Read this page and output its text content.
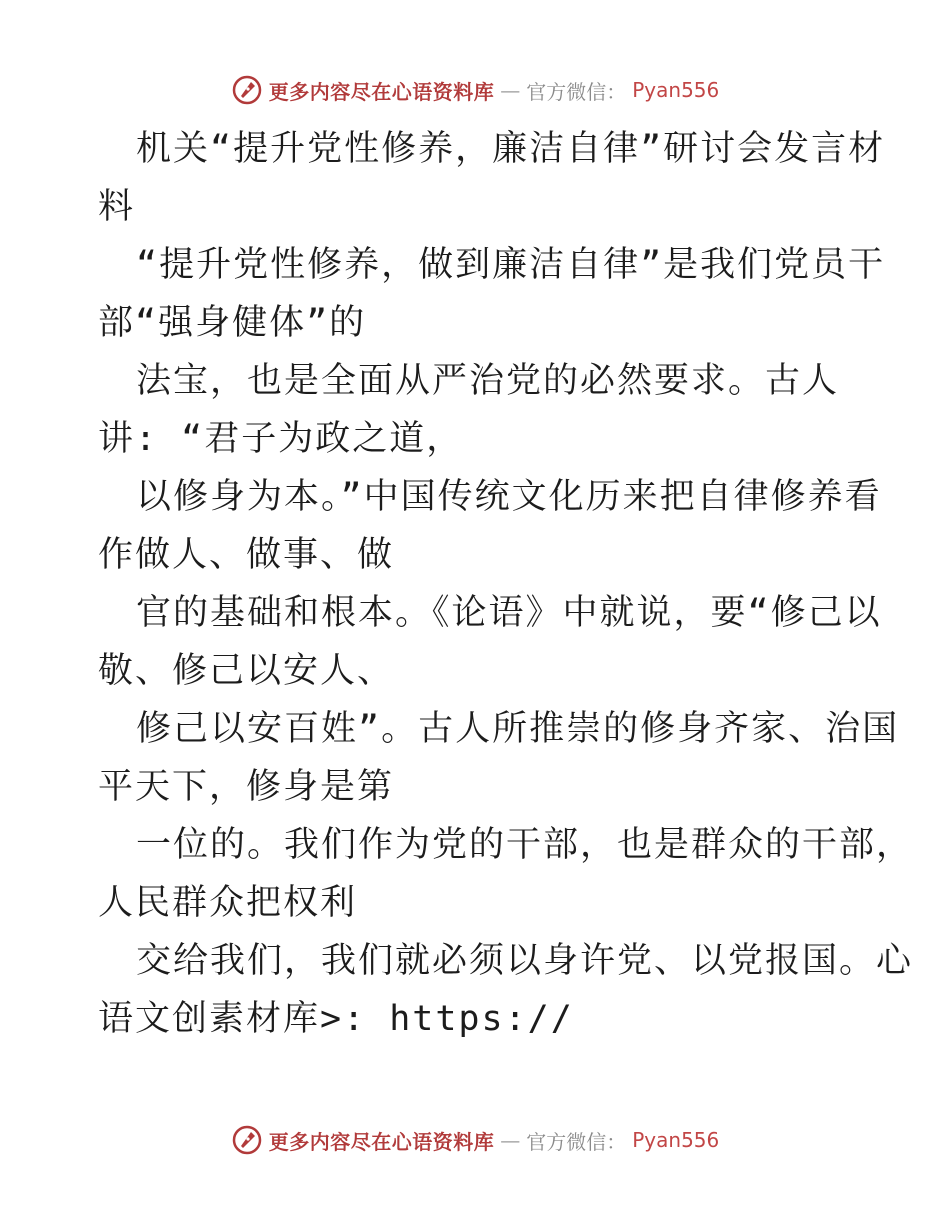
更多内容尽在心语资料库 — 官方微信： Pyan556
机关“提升党性修养，廉洁自律”研讨会发言材
料
“提升党性修养，做到廉洁自律”是我们党员干
部“强身健体”的
法宝，也是全面从严治党的必然要求。古人
讲: “君子为政之道，
以修身为本。”中国传统文化历来把自律修养看
作做人、做事、做
官的基础和根本。《论语》中就说，要“修己以
敬、修己以安人、
修己以安百姓”。古人所推崇的修身齐家、治国
平天下，修身是第
一位的。我们作为党的干部，也是群众的干部，
人民群众把权利
交给我们，我们就必须以身许党、以党报国。心
语文创素材库>: https://
更多内容尽在心语资料库 — 官方微信： Pyan556
